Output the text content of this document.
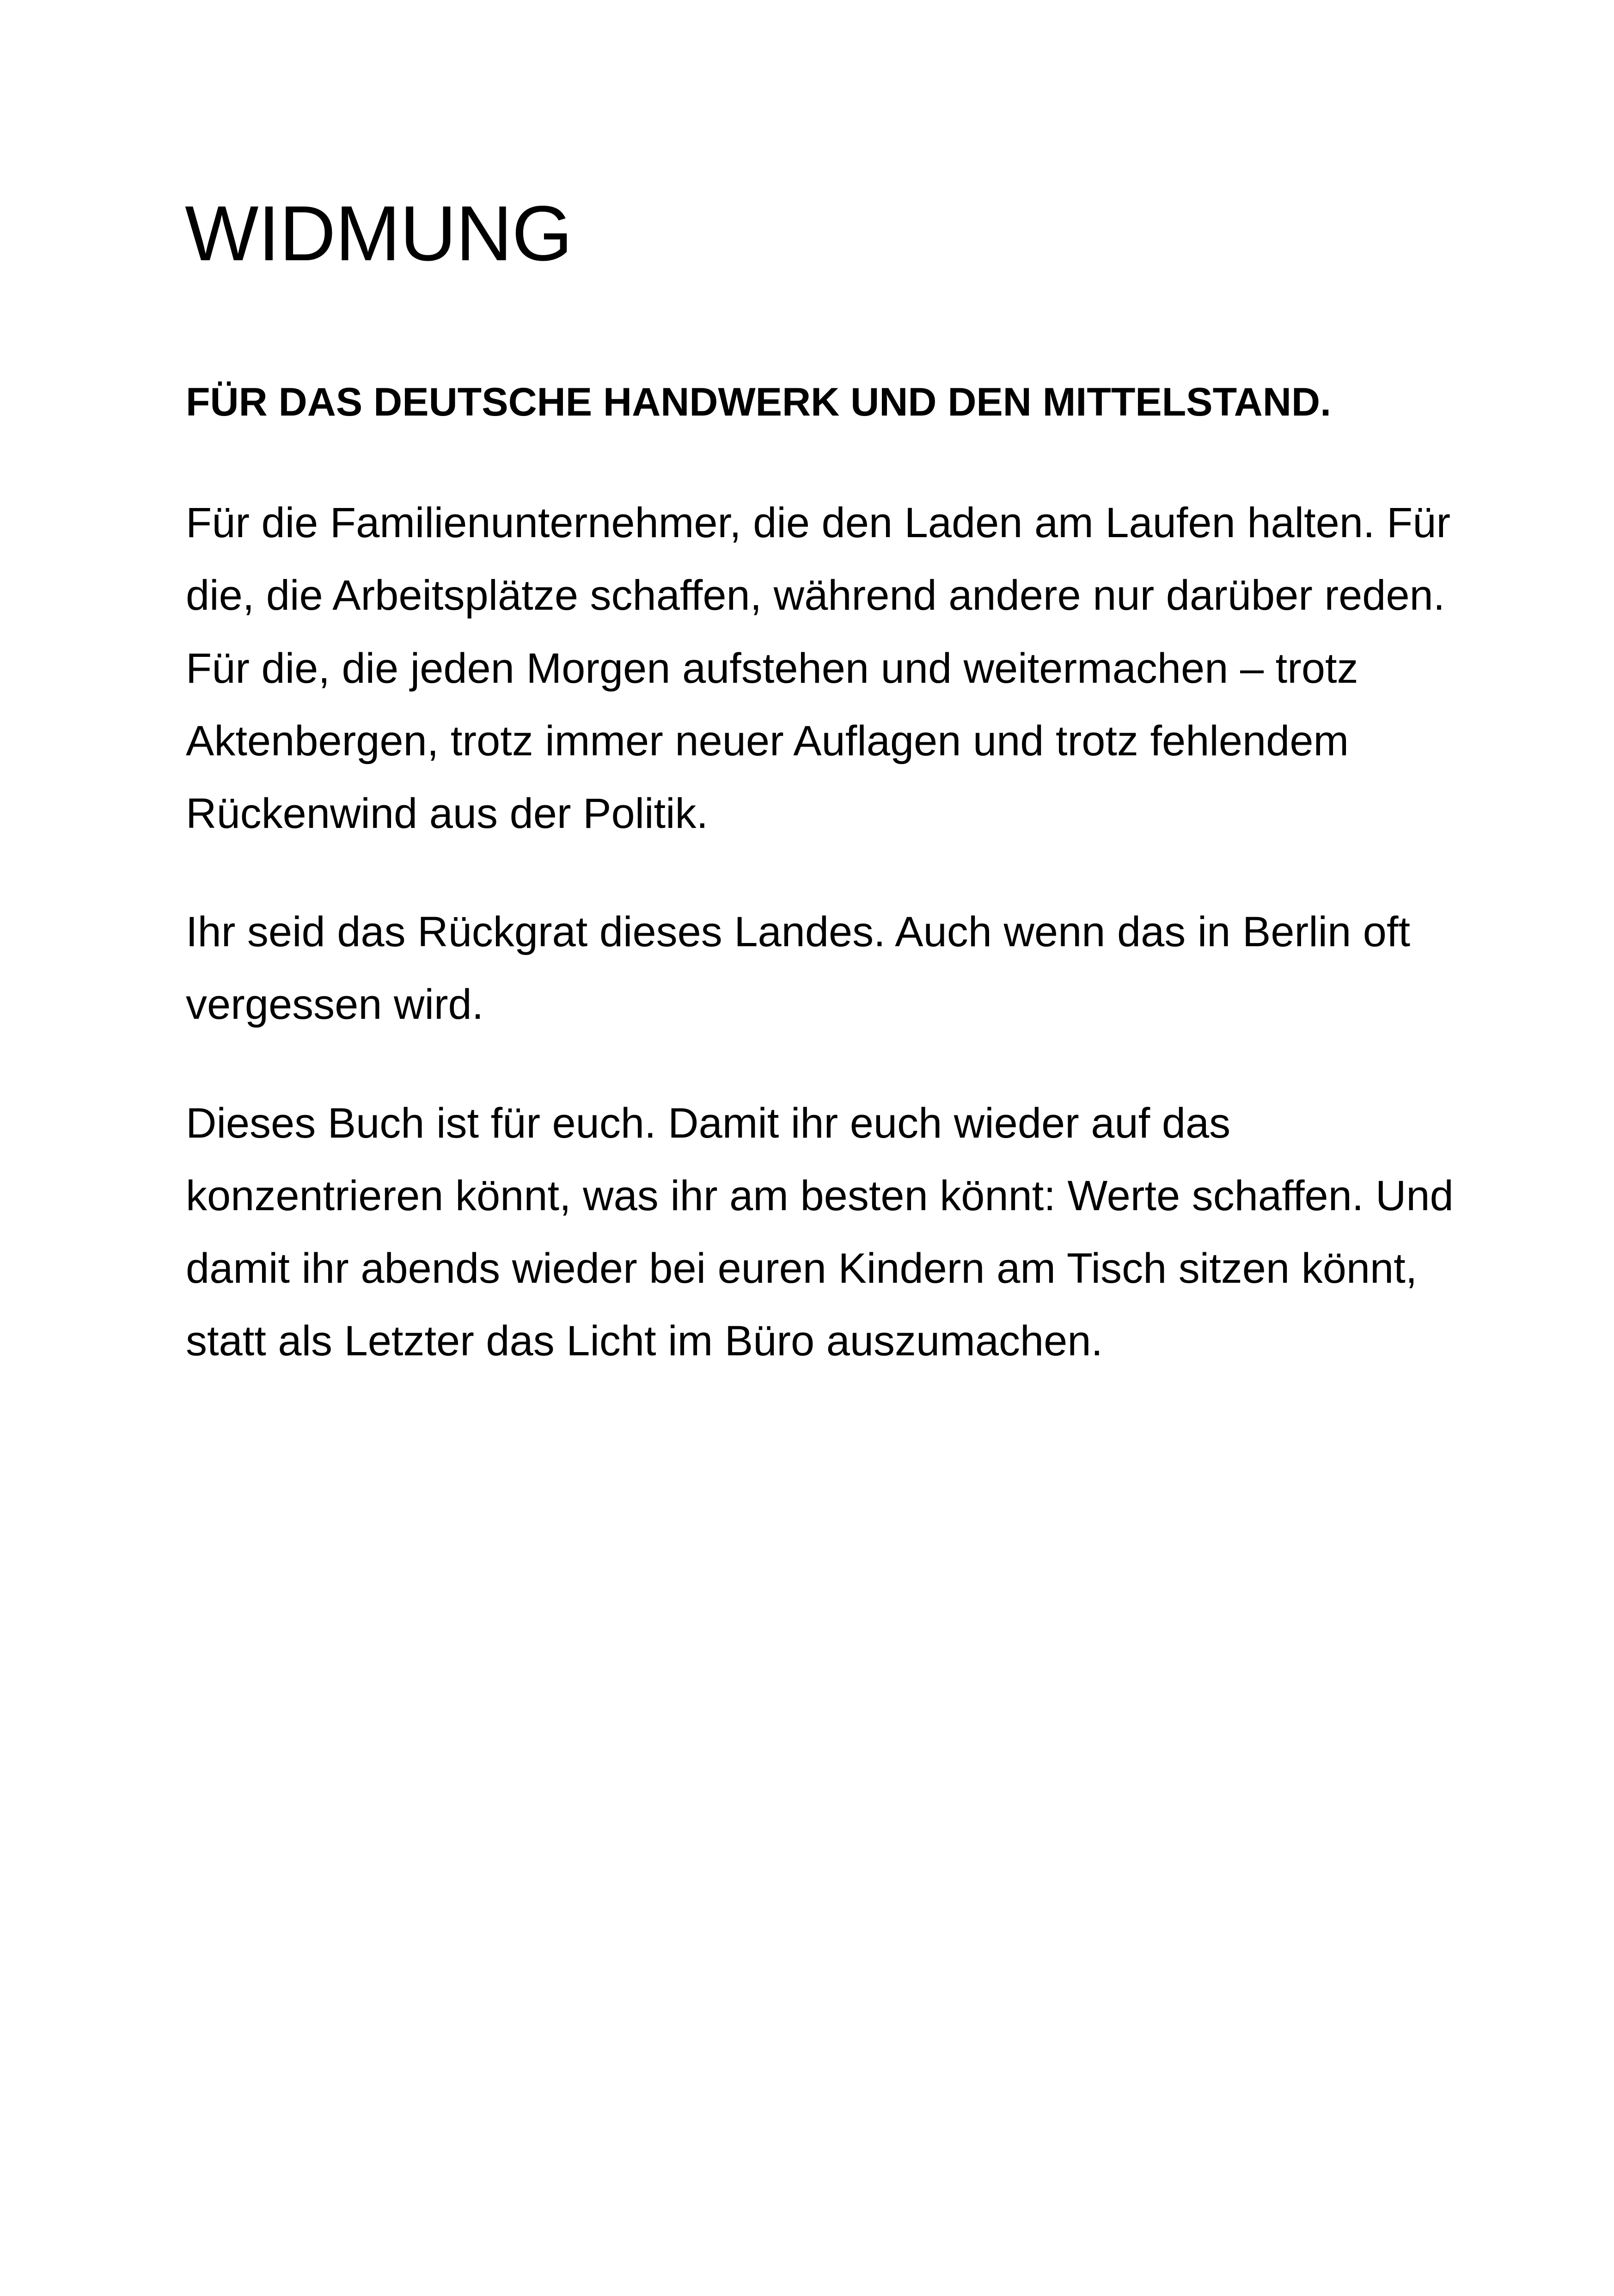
WIDMUNG
FÜR DAS DEUTSCHE HANDWERK UND DEN MITTELSTAND.

Für die Familienunternehmer, die den Laden am Laufen halten. Für

die, die Arbeitsplätze schaffen, während andere nur darüber reden.

Für die, die jeden Morgen aufstehen und weitermachen – trotz

Aktenbergen, trotz immer neuer Auflagen und trotz fehlendem

Rückenwind aus der Politik.

Ihr seid das Rückgrat dieses Landes. Auch wenn das in Berlin oft

vergessen wird.

Dieses Buch ist für euch. Damit ihr euch wieder auf das

konzentrieren könnt, was ihr am besten könnt: Werte schaffen. Und

damit ihr abends wieder bei euren Kindern am Tisch sitzen könnt,

statt als Letzter das Licht im Büro auszumachen.
